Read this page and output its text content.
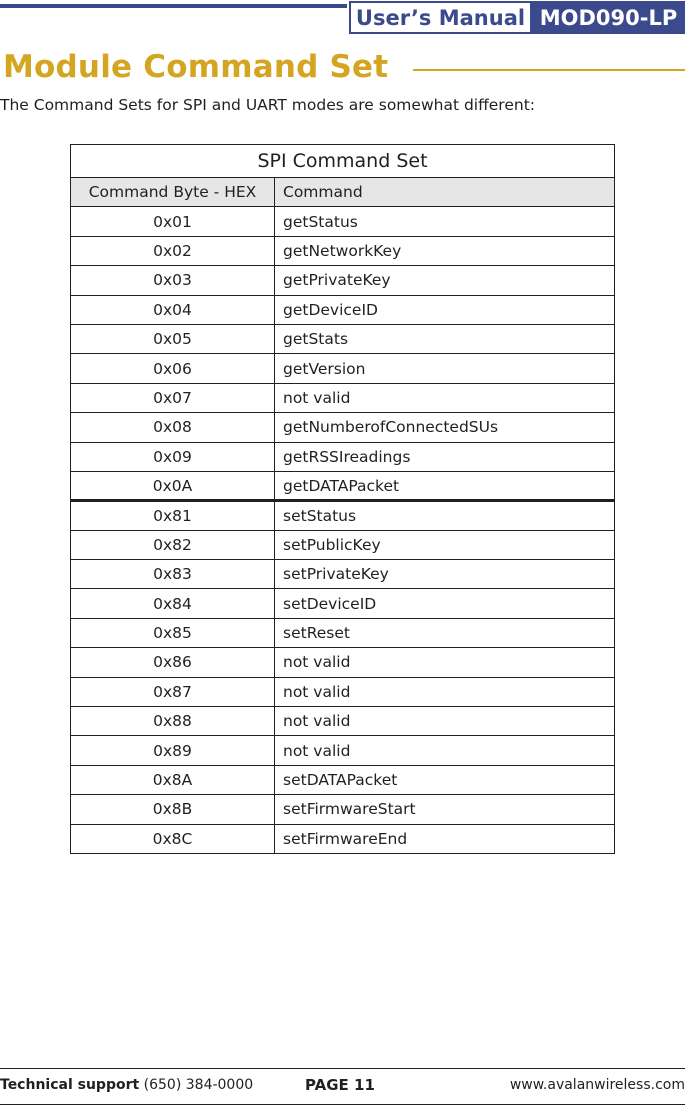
User’s Manual MOD090-LP
Module Command Set
The Command Sets for SPI and UART modes are somewhat different:
SPI Command Set	
Command Byte - HEX	Command
0x01	getStatus
0x02	getNetworkKey
0x03	getPrivateKey
0x04	getDeviceID
0x05	getStats
0x06	getVersion
0x07	not valid
0x08	getNumberofConnectedSUs
0x09	getRSSIreadings
0x0A	getDATAPacket
0x81	setStatus
0x82	setPublicKey
0x83	setPrivateKey
0x84	setDeviceID
0x85	setReset
0x86	not valid
0x87	not valid
0x88	not valid
0x89	not valid
0x8A	setDATAPacket
0x8B	setFirmwareStart
0x8C	setFirmwareEnd
Technical support (650) 384-0000	PAGE 11	www.avalanwireless.com
